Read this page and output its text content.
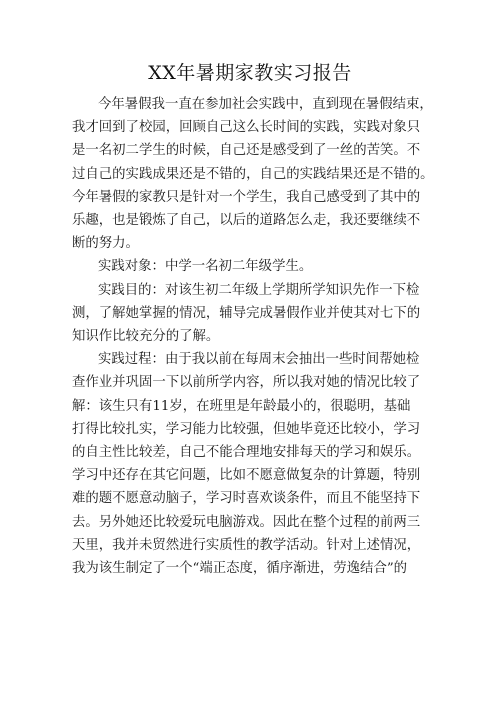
XX年暑期家教实习报告
今年暑假我一直在参加社会实践中，直到现在暑假结束，
我才回到了校园，回顾自己这么长时间的实践，实践对象只
是一名初二学生的时候，自己还是感受到了一丝的苦笑。不
过自己的实践成果还是不错的，自己的实践结果还是不错的。
今年暑假的家教只是针对一个学生，我自己感受到了其中的
乐趣，也是锻炼了自己，以后的道路怎么走，我还要继续不
断的努力。
实践对象：中学一名初二年级学生。
实践目的：对该生初二年级上学期所学知识先作一下检
测，了解她掌握的情况，辅导完成暑假作业并使其对七下的
知识作比较充分的了解。
实践过程：由于我以前在每周末会抽出一些时间帮她检
查作业并巩固一下以前所学内容，所以我对她的情况比较了
解：该生只有11岁，在班里是年龄最小的，很聪明，基础
打得比较扎实，学习能力比较强，但她毕竟还比较小，学习
的自主性比较差，自己不能合理地安排每天的学习和娱乐。
学习中还存在其它问题，比如不愿意做复杂的计算题，特别
难的题不愿意动脑子，学习时喜欢谈条件，而且不能坚持下
去。另外她还比较爱玩电脑游戏。因此在整个过程的前两三
天里，我并未贸然进行实质性的教学活动。针对上述情况，
我为该生制定了一个“端正态度，循序渐进，劳逸结合”的
